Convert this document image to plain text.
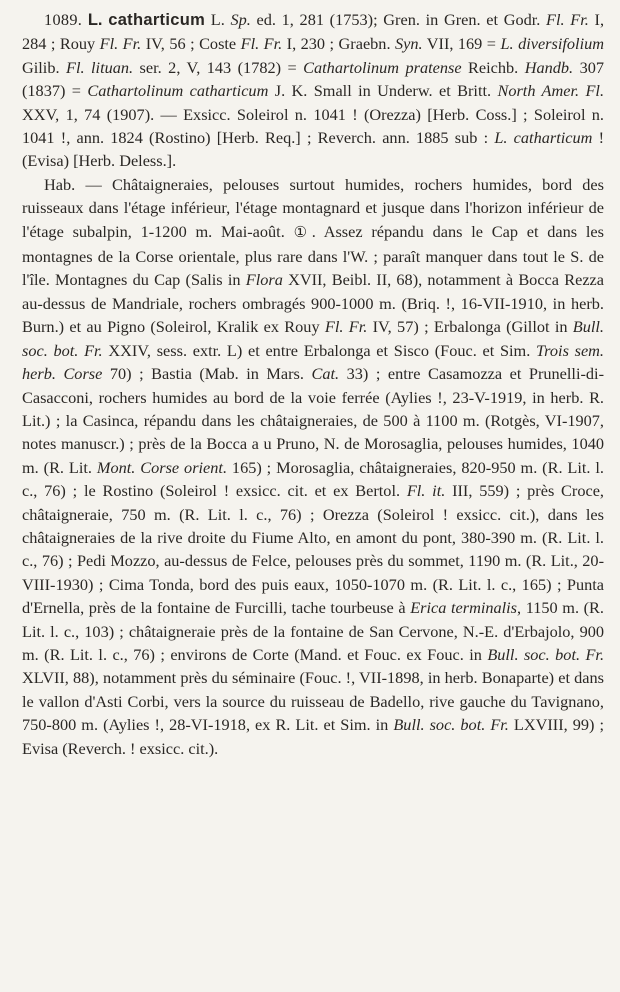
1089. L. catharticum L. Sp. ed. 1, 281 (1753); Gren. in Gren. et Godr. Fl. Fr. I, 284 ; Rouy Fl. Fr. IV, 56 ; Coste Fl. Fr. I, 230 ; Graebn. Syn. VII, 169 = L. diversifolium Gilib. Fl. lituan. ser. 2, V, 143 (1782) = Cathartolinum pratense Reichb. Handb. 307 (1837) = Cathartolinum catharticum J. K. Small in Underw. et Britt. North Amer. Fl. XXV, 1, 74 (1907). — Exsicc. Soleirol n. 1041 ! (Orezza) [Herb. Coss.] ; Soleirol n. 1041 !, ann. 1824 (Rostino) [Herb. Req.] ; Reverch. ann. 1885 sub : L. catharticum ! (Evisa) [Herb. Deless.].

Hab. — Châtaigneraies, pelouses surtout humides, rochers humides, bord des ruisseaux dans l'étage inférieur, l'étage montagnard et jusque dans l'horizon inférieur de l'étage subalpin, 1-1200 m. Mai-août. ①. Assez répandu dans le Cap et dans les montagnes de la Corse orientale, plus rare dans l'W. ; paraît manquer dans tout le S. de l'île. Montagnes du Cap (Salis in Flora XVII, Beibl. II, 68), notamment à Bocca Rezza au-dessus de Mandriale, rochers ombragés 900-1000 m. (Briq. !, 16-VII-1910, in herb. Burn.) et au Pigno (Soleirol, Kralik ex Rouy Fl. Fr. IV, 57) ; Erbalonga (Gillot in Bull. soc. bot. Fr. XXIV, sess. extr. L) et entre Erbalonga et Sisco (Fouc. et Sim. Trois sem. herb. Corse 70) ; Bastia (Mab. in Mars. Cat. 33) ; entre Casamozza et Prunelli-di-Casacconi, rochers humides au bord de la voie ferrée (Aylies !, 23-V-1919, in herb. R. Lit.) ; la Casinca, répandu dans les châtaigneraies, de 500 à 1100 m. (Rotgès, VI-1907, notes manuscr.) ; près de la Bocca a u Pruno, N. de Morosaglia, pelouses humides, 1040 m. (R. Lit. Mont. Corse orient. 165) ; Morosaglia, châtaigneraies, 820-950 m. (R. Lit. l. c., 76) ; le Rostino (Soleirol ! exsicc. cit. et ex Bertol. Fl. it. III, 559) ; près Croce, châtaigneraie, 750 m. (R. Lit. l. c., 76) ; Orezza (Soleirol ! exsicc. cit.), dans les châtaigneraies de la rive droite du Fiume Alto, en amont du pont, 380-390 m. (R. Lit. l. c., 76) ; Pedi Mozzo, au-dessus de Felce, pelouses près du sommet, 1190 m. (R. Lit., 20-VIII-1930) ; Cima Tonda, bord des puis eaux, 1050-1070 m. (R. Lit. l. c., 165) ; Punta d'Ernella, près de la fontaine de Furcilli, tache tourbeuse à Erica terminalis, 1150 m. (R. Lit. l. c., 103) ; châtaigneraie près de la fontaine de San Cervone, N.-E. d'Erbajolo, 900 m. (R. Lit. l. c., 76) ; environs de Corte (Mand. et Fouc. ex Fouc. in Bull. soc. bot. Fr. XLVII, 88), notamment près du séminaire (Fouc. !, VII-1898, in herb. Bonaparte) et dans le vallon d'Asti Corbi, vers la source du ruisseau de Badello, rive gauche du Tavignano, 750-800 m. (Aylies !, 28-VI-1918, ex R. Lit. et Sim. in Bull. soc. bot. Fr. LXVIII, 99) ; Evisa (Reverch. ! exsicc. cit.).
